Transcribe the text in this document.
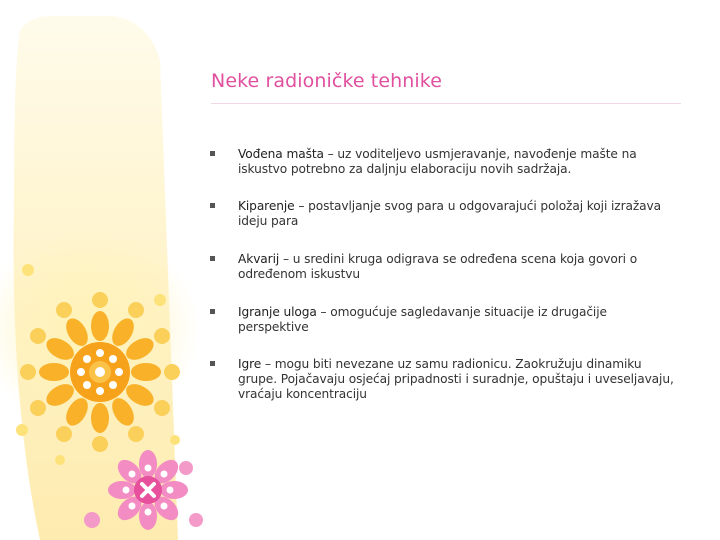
Neke radioničke tehnike
Vođena mašta – uz voditeljevo usmjeravanje, navođenje mašte na iskustvo potrebno za daljnju elaboraciju novih sadržaja.
Kiparenje – postavljanje svog para u odgovarajući položaj koji izražava ideju para
Akvarij – u sredini kruga odigrava se određena scena koja govori o određenom iskustvu
Igranje uloga – omogućuje sagledavanje situacije iz drugačije perspektive
Igre – mogu biti nevezane uz samu radionicu. Zaokružuju dinamiku grupe. Pojačavaju osjećaj pripadnosti i suradnje, opuštaju i uveseljavaju, vraćaju koncentraciju
